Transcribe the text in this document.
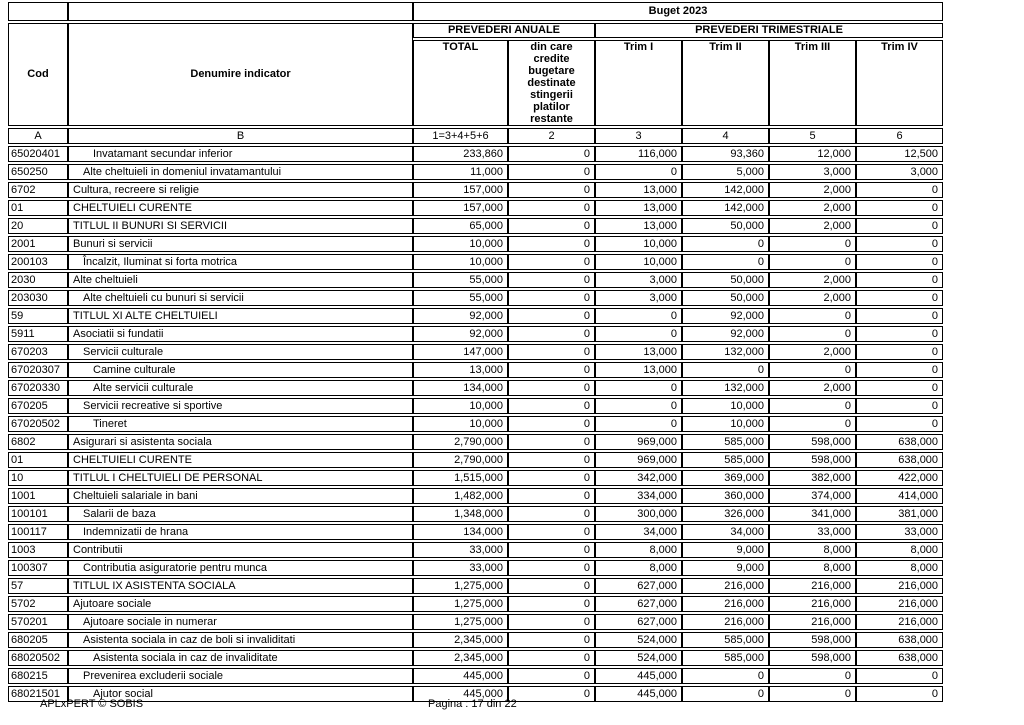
		Buget 2023					
Cod	Denumire indicator	PREVEDERI ANUALE		PREVEDERI TRIMESTRIALE			
		TOTAL	din care credite bugetare destinate stingerii platilor restante	Trim I	Trim II	Trim III	Trim IV
A	B	1=3+4+5+6	2	3	4	5	6
65020401	Invatamant secundar inferior	233,860	0	116,000	93,360	12,000	12,500
650250	Alte cheltuieli in domeniul invatamantului	11,000	0	0	5,000	3,000	3,000
6702	Cultura, recreere si religie	157,000	0	13,000	142,000	2,000	0
01	CHELTUIELI CURENTE	157,000	0	13,000	142,000	2,000	0
20	TITLUL II BUNURI SI SERVICII	65,000	0	13,000	50,000	2,000	0
2001	Bunuri si servicii	10,000	0	10,000	0	0	0
200103	Încalzit, Iluminat si forta motrica	10,000	0	10,000	0	0	0
2030	Alte cheltuieli	55,000	0	3,000	50,000	2,000	0
203030	Alte cheltuieli cu bunuri si servicii	55,000	0	3,000	50,000	2,000	0
59	TITLUL XI ALTE CHELTUIELI	92,000	0	0	92,000	0	0
5911	Asociatii si fundatii	92,000	0	0	92,000	0	0
670203	Servicii culturale	147,000	0	13,000	132,000	2,000	0
67020307	Camine culturale	13,000	0	13,000	0	0	0
67020330	Alte servicii culturale	134,000	0	0	132,000	2,000	0
670205	Servicii recreative si sportive	10,000	0	0	10,000	0	0
67020502	Tineret	10,000	0	0	10,000	0	0
6802	Asigurari si asistenta sociala	2,790,000	0	969,000	585,000	598,000	638,000
01	CHELTUIELI CURENTE	2,790,000	0	969,000	585,000	598,000	638,000
10	TITLUL I CHELTUIELI DE PERSONAL	1,515,000	0	342,000	369,000	382,000	422,000
1001	Cheltuieli salariale in bani	1,482,000	0	334,000	360,000	374,000	414,000
100101	Salarii de baza	1,348,000	0	300,000	326,000	341,000	381,000
100117	Indemnizatii de hrana	134,000	0	34,000	34,000	33,000	33,000
1003	Contributii	33,000	0	8,000	9,000	8,000	8,000
100307	Contributia asiguratorie pentru munca	33,000	0	8,000	9,000	8,000	8,000
57	TITLUL IX ASISTENTA SOCIALA	1,275,000	0	627,000	216,000	216,000	216,000
5702	Ajutoare sociale	1,275,000	0	627,000	216,000	216,000	216,000
570201	Ajutoare sociale in numerar	1,275,000	0	627,000	216,000	216,000	216,000
680205	Asistenta sociala in caz de boli si invaliditati	2,345,000	0	524,000	585,000	598,000	638,000
68020502	Asistenta sociala in caz de invaliditate	2,345,000	0	524,000	585,000	598,000	638,000
680215	Prevenirea excluderii sociale	445,000	0	445,000	0	0	0
68021501	Ajutor social	445,000	0	445,000	0	0	0
APLxPERT © SOBIS	Pagina : 17 din 22
